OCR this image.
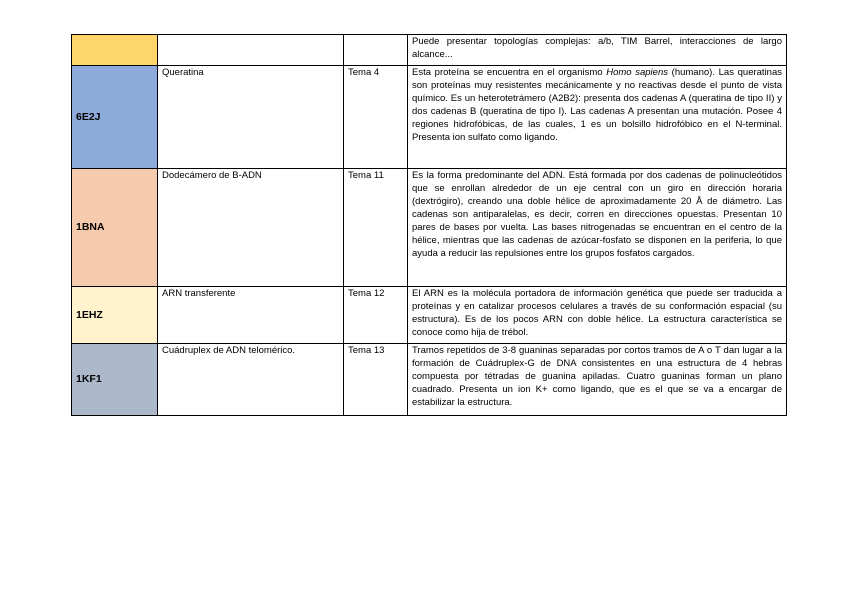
			Puede presentar topologías complejas: a/b, TIM Barrel, interacciones de largo alcance...
6E2J	Queratina	Tema 4	Esta proteína se encuentra en el organismo Homo sapiens (humano). Las queratinas son proteínas muy resistentes mecánicamente y no reactivas desde el punto de vista químico. Es un heterotetrámero (A2B2): presenta dos cadenas A (queratina de tipo II) y dos cadenas B (queratina de tipo I). Las cadenas A presentan una mutación. Posee 4 regiones hidrofóbicas, de las cuales, 1 es un bolsillo hidrofóbico en el N-terminal. Presenta ion sulfato como ligando.
1BNA	Dodecámero de B-ADN	Tema 11	Es la forma predominante del ADN. Está formada por dos cadenas de polinucleótidos que se enrollan alrededor de un eje central con un giro en dirección horaria (dextrógiro), creando una doble hélice de aproximadamente 20 Å de diámetro. Las cadenas son antiparalelas, es decir, corren en direcciones opuestas. Presentan 10 pares de bases por vuelta. Las bases nitrogenadas se encuentran en el centro de la hélice, mientras que las cadenas de azúcar-fosfato se disponen en la periferia, lo que ayuda a reducir las repulsiones entre los grupos fosfatos cargados.
1EHZ	ARN transferente	Tema 12	El ARN es la molécula portadora de información genética que puede ser traducida a proteínas y en catalizar procesos celulares a través de su conformación espacial (su estructura). Es de los pocos ARN con doble hélice. La estructura característica se conoce como hija de trébol.
1KF1	Cuádruplex de ADN telomérico.	Tema 13	Tramos repetidos de 3-8 guaninas separadas por cortos tramos de A o T dan lugar a la formación de Cuádruplex-G de DNA consistentes en una estructura de 4 hebras compuesta por tétradas de guanina apiladas. Cuatro guaninas forman un plano cuadrado. Presenta un ion K+ como ligando, que es el que se va a encargar de estabilizar la estructura.
